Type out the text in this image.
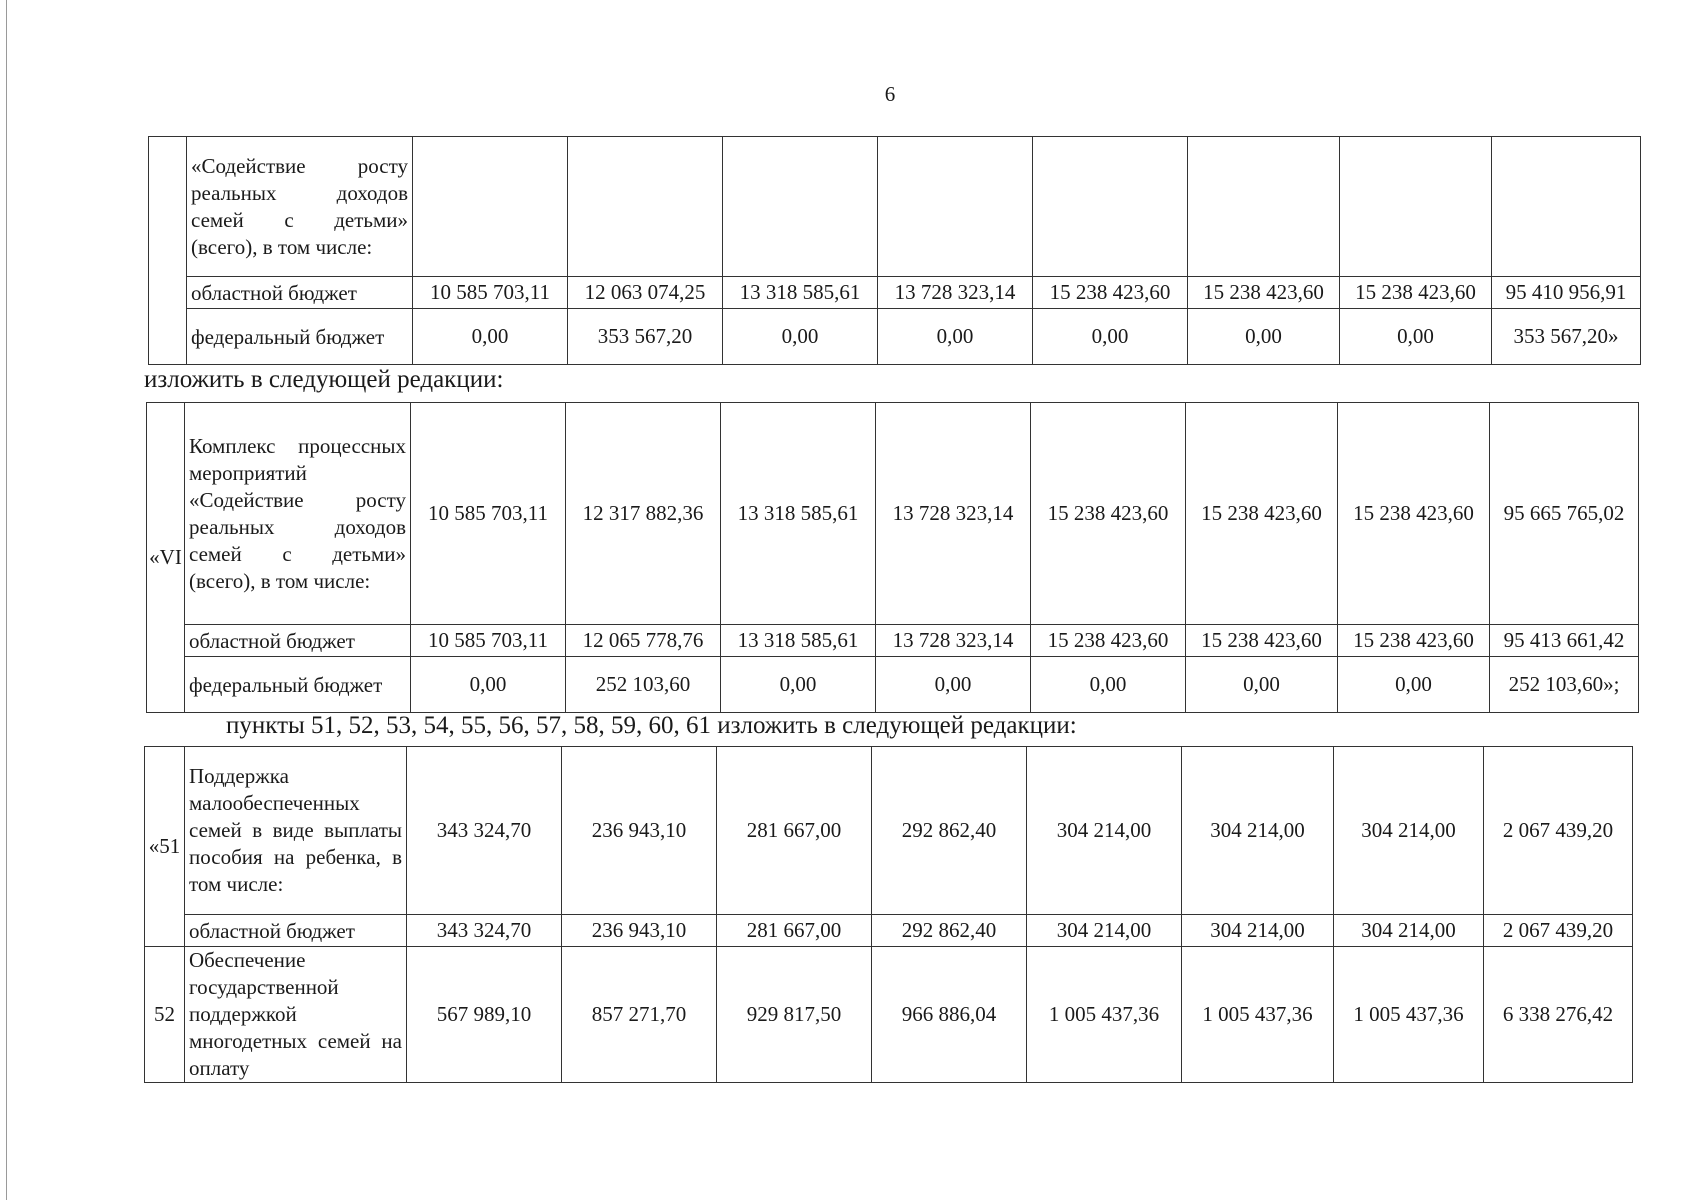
6
	«Содействие росту реальных доходов семей с детьми» (всего), в том числе:								
	областной бюджет	10 585 703,11	12 063 074,25	13 318 585,61	13 728 323,14	15 238 423,60	15 238 423,60	15 238 423,60	95 410 956,91
	федеральный бюджет	0,00	353 567,20	0,00	0,00	0,00	0,00	0,00	353 567,20»
изложить в следующей редакции:
«VI	Комплекс процессных мероприятий «Содействие росту реальных доходов семей с детьми» (всего), в том числе:	10 585 703,11	12 317 882,36	13 318 585,61	13 728 323,14	15 238 423,60	15 238 423,60	15 238 423,60	95 665 765,02
	областной бюджет	10 585 703,11	12 065 778,76	13 318 585,61	13 728 323,14	15 238 423,60	15 238 423,60	15 238 423,60	95 413 661,42
	федеральный бюджет	0,00	252 103,60	0,00	0,00	0,00	0,00	0,00	252 103,60»;
пункты 51, 52, 53, 54, 55, 56, 57, 58, 59, 60, 61 изложить в следующей редакции:
«51	Поддержка малообеспеченных семей в виде выплаты пособия на ребенка, в том числе:	343 324,70	236 943,10	281 667,00	292 862,40	304 214,00	304 214,00	304 214,00	2 067 439,20
	областной бюджет	343 324,70	236 943,10	281 667,00	292 862,40	304 214,00	304 214,00	304 214,00	2 067 439,20
52	Обеспечение государственной поддержкой многодетных семей на оплату	567 989,10	857 271,70	929 817,50	966 886,04	1 005 437,36	1 005 437,36	1 005 437,36	6 338 276,42
